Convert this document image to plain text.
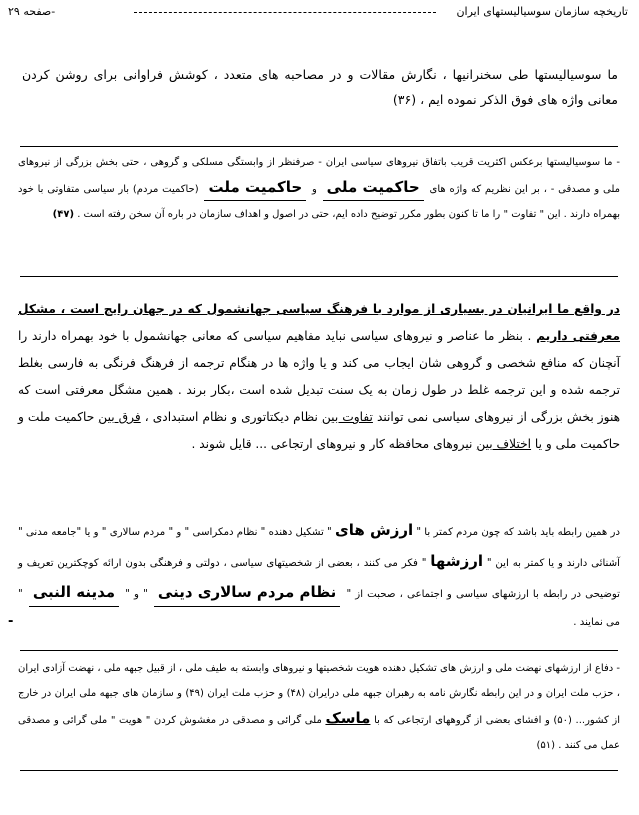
تاریخچه سازمان سوسیالیستهای ایران
صفحه ۲۹-
ما سوسیالیستها طی سخنرانیها ، نگارش مقالات و در مصاحبه های متعدد ، کوشش فراوانی برای روشن کردن معانی واژه های فوق الذکر نموده ایم ، (۳۶)
- ما سوسیالیستها برعکس اکثریت قریب باتفاق نیروهای سیاسی ایران - صرفنظر از وابستگی مسلکی و گروهی ، حتی بخش بزرگی از نیروهای ملی و مصدقی - ، بر این نظریم که واژه های حاکمیت ملی و حاکمیت ملت (حاکمیت مردم) بار سیاسی متفاوتی با خود بهمراه دارند . این " تفاوت " را ما تا کنون بطور مکرر توضیح داده ایم، حتی در اصول و اهداف سازمان در باره آن سخن رفته است . (۴۷)
در واقع ما ایرانیان در بسیاری از موارد با فرهنگ سیاسی جهانشمول که در جهان رایج است ، مشکل معرفتی داریم . بنظر ما عناصر و نیروهای سیاسی نباید مفاهیم سیاسی که معانی جهانشمول با خود بهمراه دارند را آنچنان که منافع شخصی و گروهی شان ایجاب می کند و یا واژه ها در هنگام ترجمه از فرهنگ فرنگی به فارسی بغلط ترجمه شده و این ترجمه غلط در طول زمان به یک سنت تبدیل شده است ،بکار برند . همین مشگل معرفتی است که هنوز بخش بزرگی از نیروهای سیاسی نمی توانند تفاوت بین نظام دیکتاتوری و نظام استبدادی ، فرق بین حاکمیت ملت و حاکمیت ملی و یا اختلاف بین نیروهای محافظه کار و نیروهای ارتجاعی ... قایل شوند .
در همین رابطه باید باشد که چون مردم کمتر با " ارزش های " تشکیل دهنده " نظام دمکراسی " و " مردم سالاری " و یا "جامعه مدنی " آشنائی دارند و یا کمتر به این " ارزشها " فکر می کنند ، بعضی از شخصیتهای سیاسی ، دولتی و فرهنگی بدون ارائه کوچکترین تعریف و توضیحی در رابطه با ارزشهای سیاسی و اجتماعی ، صحبت از " نظام مردم سالاری دینی " و " مدینه النبی " می نمایند .
-
- دفاع از ارزشهای نهضت ملی و ارزش های تشکیل دهنده هویت شخصیتها و نیروهای وابسته به طیف ملی ، از قبیل جبهه ملی ، نهضت آزادی ایران ، حزب ملت ایران و در این رابطه نگارش نامه به رهبران جبهه ملی درایران (۴۸) و حزب ملت ایران (۴۹) و سازمان های جبهه ملی ایران در خارج از کشور... (۵۰) و افشای بعضی از گروههای ارتجاعی که با ماسک ملی گرائی و مصدقی در مغشوش کردن " هویت " ملی گرائی و مصدقی عمل می کنند . (۵۱)
